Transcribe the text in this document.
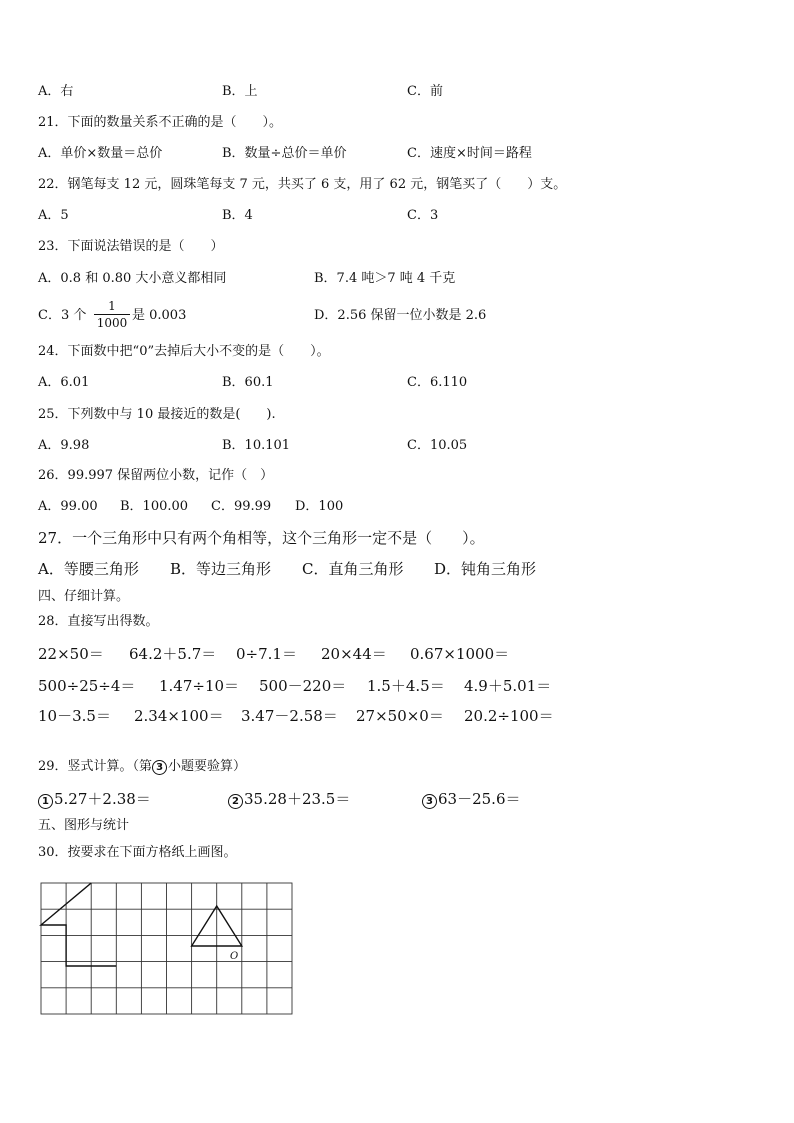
A．右	B．上	C．前
21．下面的数量关系不正确的是（　　）。
A．单价×数量＝总价	B．数量÷总价＝单价	C．速度×时间＝路程
22．钢笔每支 12 元，圆珠笔每支 7 元，共买了 6 支，用了 62 元，钢笔买了（　　）支。
A．5	B．4	C．3
23．下面说法错误的是（　　）
A．0.8 和 0.80 大小意义都相同	B．7.4 吨＞7 吨 4 千克
C．3 个 $\frac{1}{1000}$ 是 0.003	D．2.56 保留一位小数是 2.6
24．下面数中把“0”去掉后大小不变的是（　　）。
A．6.01	B．60.1	C．6.110
25．下列数中与 10 最接近的数是(　　).
A．9.98	B．10.101	C．10.05
26．99.997 保留两位小数，记作（　）
A．99.00 B．100.00 C．99.99 D．100
27．一个三角形中只有两个角相等，这个三角形一定不是（　　）。
A．等腰三角形 B．等边三角形 C．直角三角形 D．钝角三角形
四、仔细计算。
28．直接写出得数。
22×50＝ 64.2＋5.7＝ 0÷7.1＝ 20×44＝ 0.67×1000＝
500÷25÷4＝ 1.47÷10＝ 500－220＝ 1.5＋4.5＝ 4.9＋5.01＝
10－3.5＝ 2.34×100＝ 3.47－2.58＝ 27×50×0＝ 20.2÷100＝
29．竖式计算。（第 3 小题要验算）
1 5.27＋2.38＝	2 35.28＋23.5＝	3 63－25.6＝
五、图形与统计
30．按要求在下面方格纸上画图。
O
